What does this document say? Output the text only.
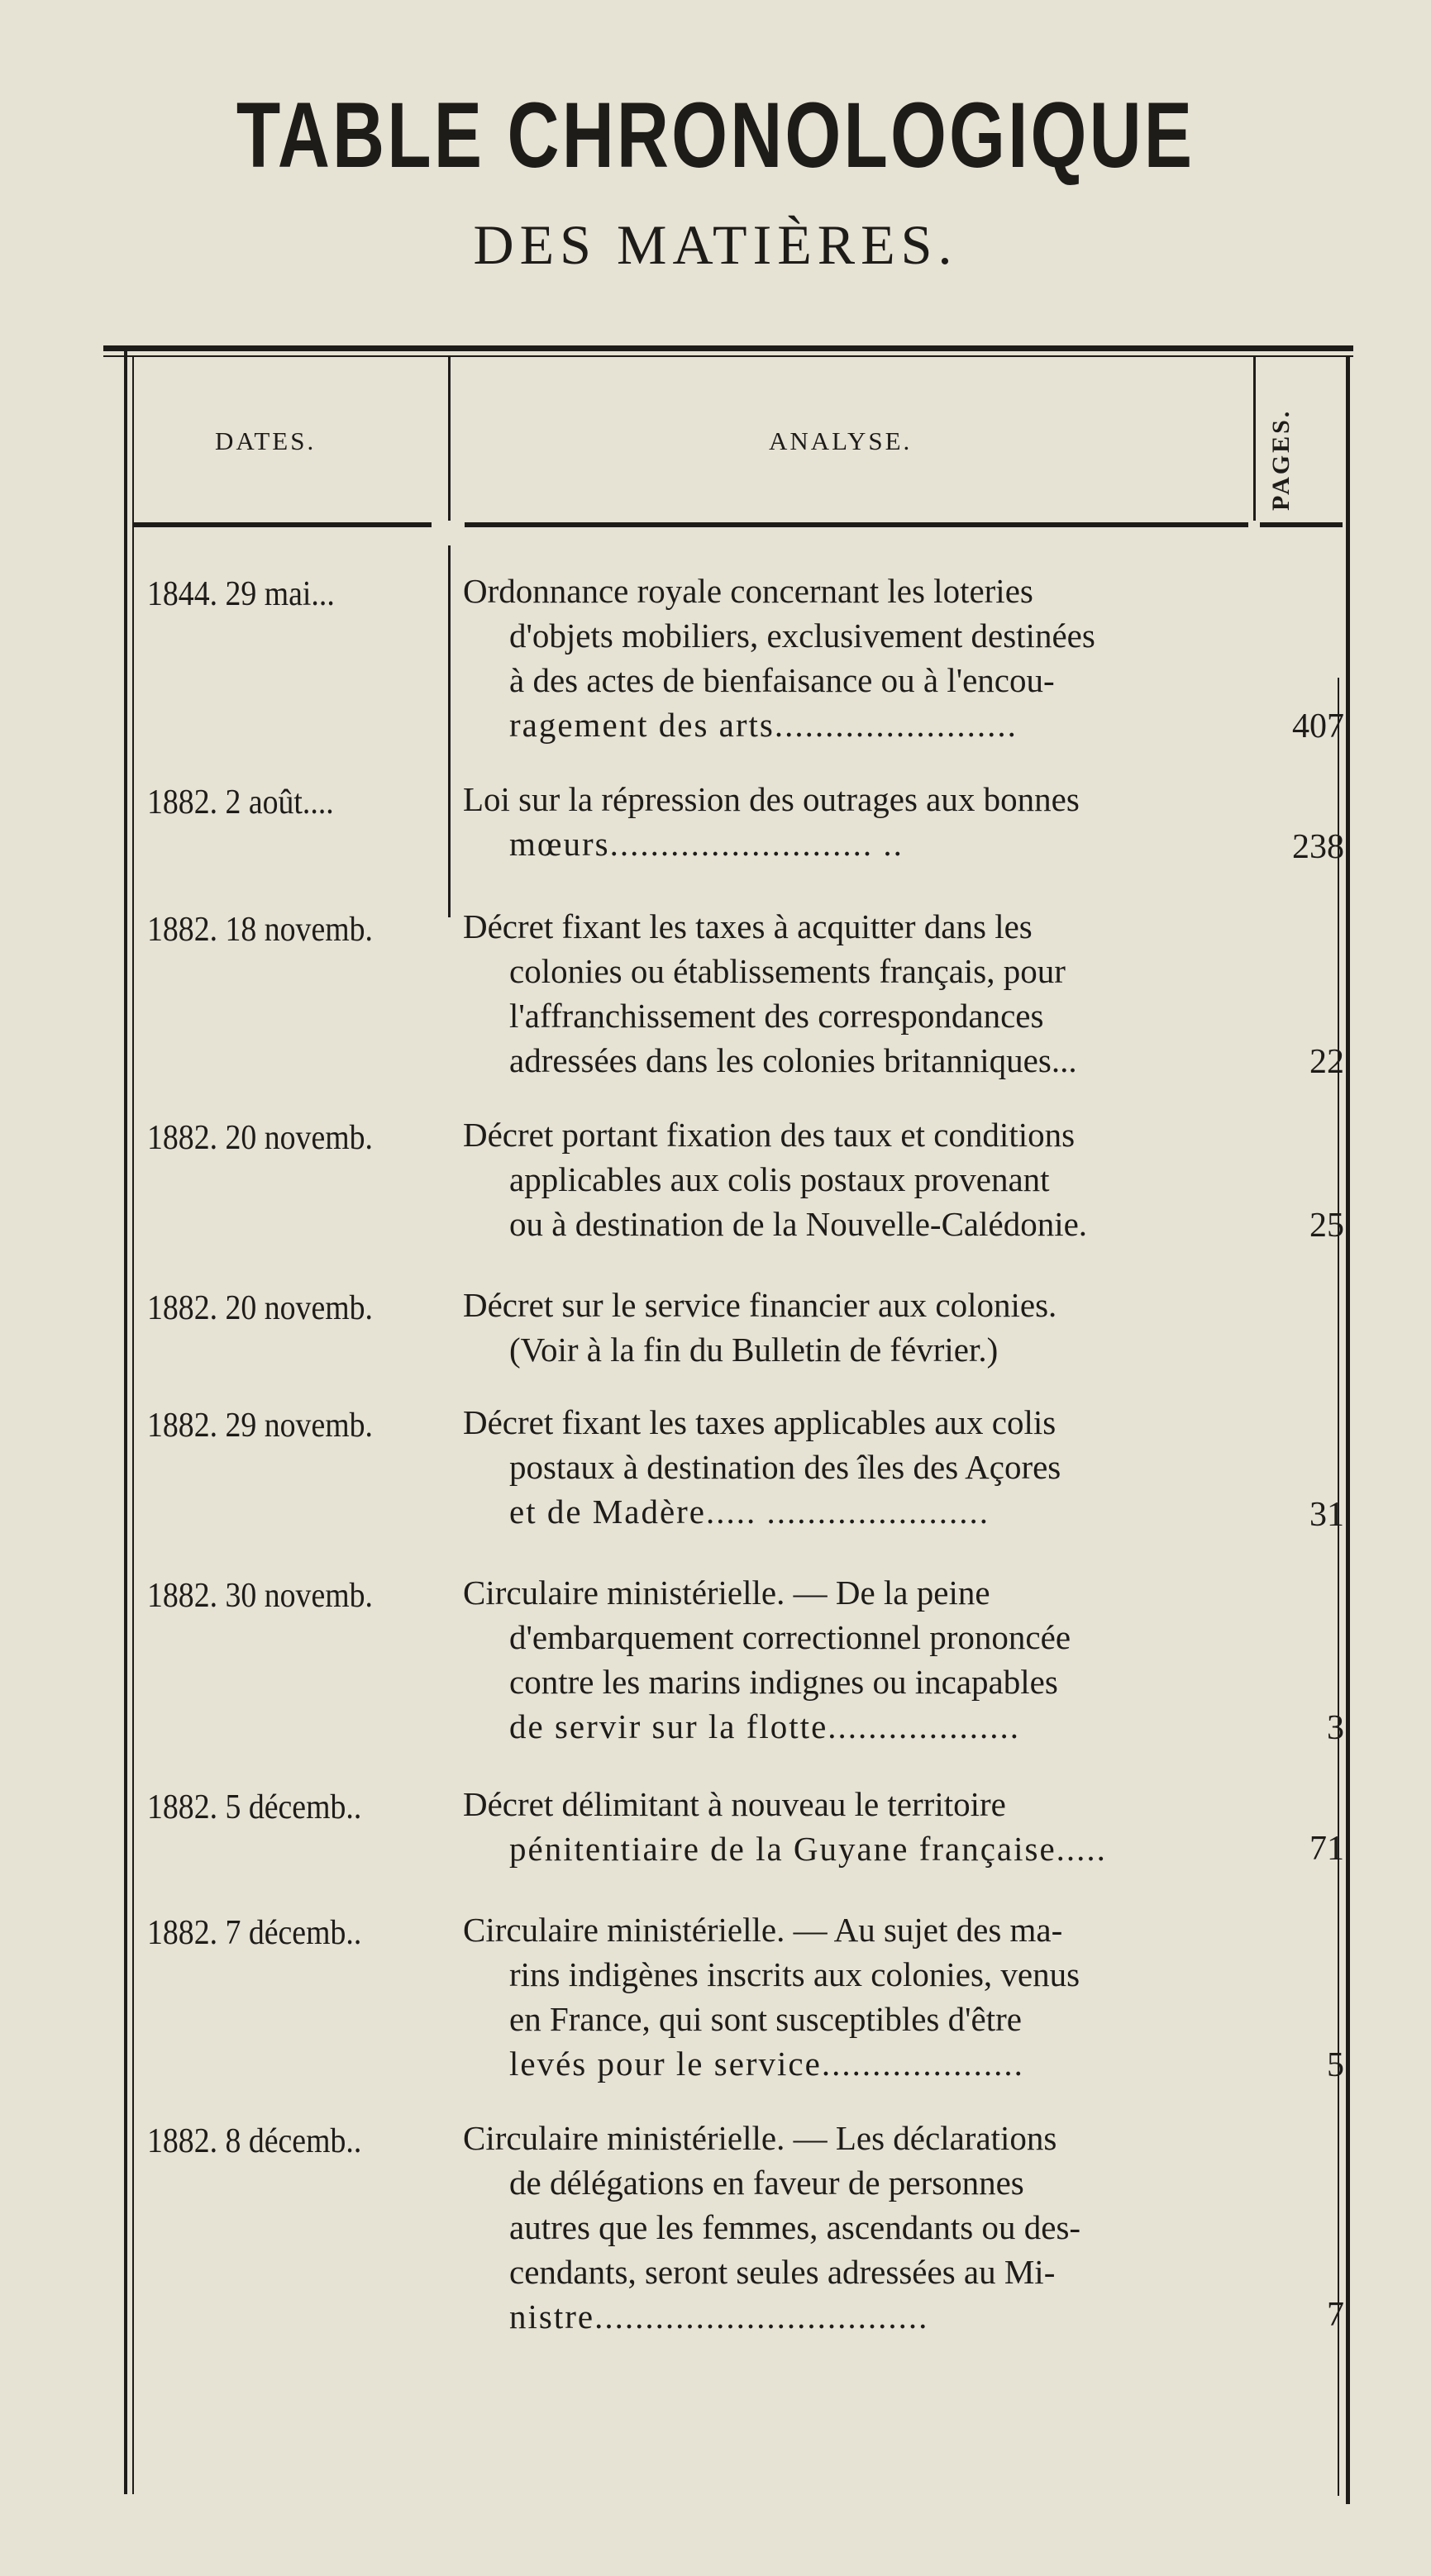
TABLE CHRONOLOGIQUE
DES MATIÈRES.
DATES.	ANALYSE.	PAGES.
1844. 29 mai...	Ordonnance royale concernant les loteries
d'objets mobiliers, exclusivement destinées
à des actes de bienfaisance ou à l'encou-
ragement des arts........................	407
1882. 2 août....	Loi sur la répression des outrages aux bonnes
mœurs.......................... ..	238
1882. 18 novemb.	Décret fixant les taxes à acquitter dans les
colonies ou établissements français, pour
l'affranchissement des correspondances
adressées dans les colonies britanniques...	22
1882. 20 novemb.	Décret portant fixation des taux et conditions
applicables aux colis postaux provenant
ou à destination de la Nouvelle-Calédonie.	25
1882. 20 novemb.	Décret sur le service financier aux colonies.
(Voir à la fin du Bulletin de février.)
1882. 29 novemb.	Décret fixant les taxes applicables aux colis
postaux à destination des îles des Açores
et de Madère..... ......................	31
1882. 30 novemb.	Circulaire ministérielle. — De la peine
d'embarquement correctionnel prononcée
contre les marins indignes ou incapables
de servir sur la flotte...................	3
1882. 5 décemb..	Décret délimitant à nouveau le territoire
pénitentiaire de la Guyane française.....	71
1882. 7 décemb..	Circulaire ministérielle. — Au sujet des ma-
rins indigènes inscrits aux colonies, venus
en France, qui sont susceptibles d'être
levés pour le service....................	5
1882. 8 décemb..	Circulaire ministérielle. — Les déclarations
de délégations en faveur de personnes
autres que les femmes, ascendants ou des-
cendants, seront seules adressées au Mi-
nistre.................................	7
